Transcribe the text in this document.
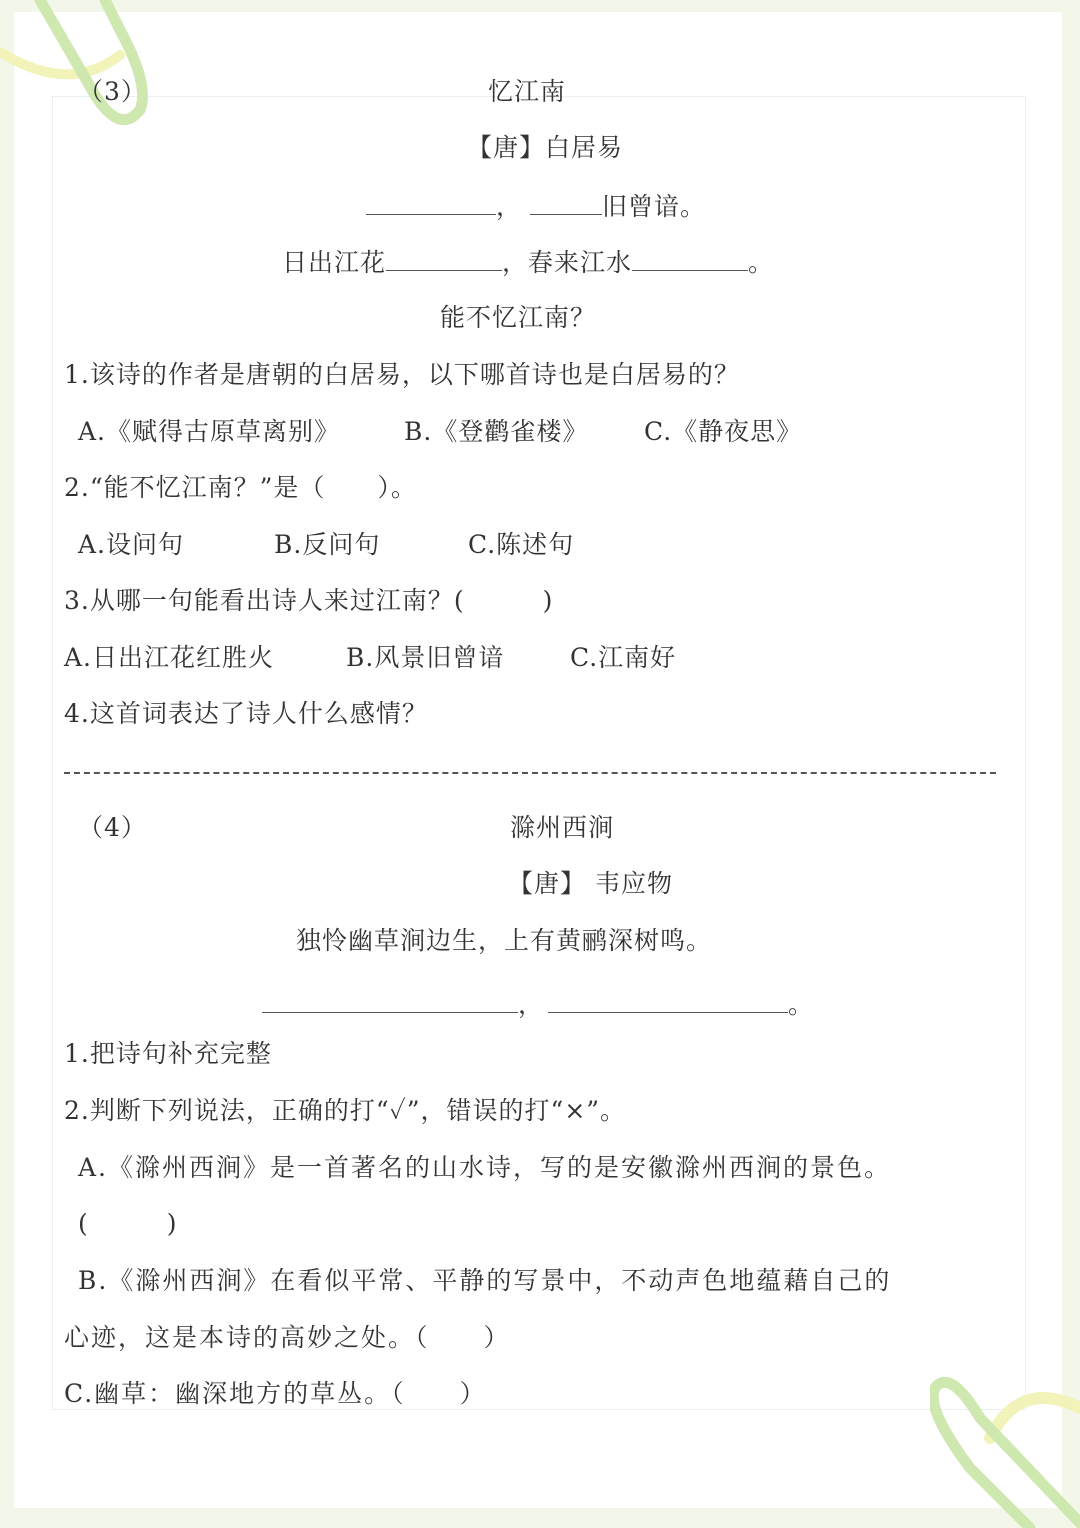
（3）	忆江南
【唐】白居易
，	旧曾谙。
日出江花	，春来江水	。
能不忆江南？
1.该诗的作者是唐朝的白居易，以下哪首诗也是白居易的？
A.《赋得古原草离别》	B.《登鹳雀楼》 C.《静夜思》
2.“能不忆江南？”是（　　）。
A.设问句	B.反问句	C.陈述句
3.从哪一句能看出诗人来过江南？(　　　)
A.日出江花红胜火	B.风景旧曾谙	C.江南好
4.这首词表达了诗人什么感情？
（4）	滁州西涧
【唐】 韦应物
独怜幽草涧边生，上有黄鹂深树鸣。
，	。
1.把诗句补充完整
2.判断下列说法，正确的打“✓”，错误的打“×”。
A.《滁州西涧》是一首著名的山水诗，写的是安徽滁州西涧的景色。
(　　　)
B.《滁州西涧》在看似平常、平静的写景中，不动声色地蕴藉自己的
心迹，这是本诗的高妙之处。（　　）
C.幽草：幽深地方的草丛。（　　）
